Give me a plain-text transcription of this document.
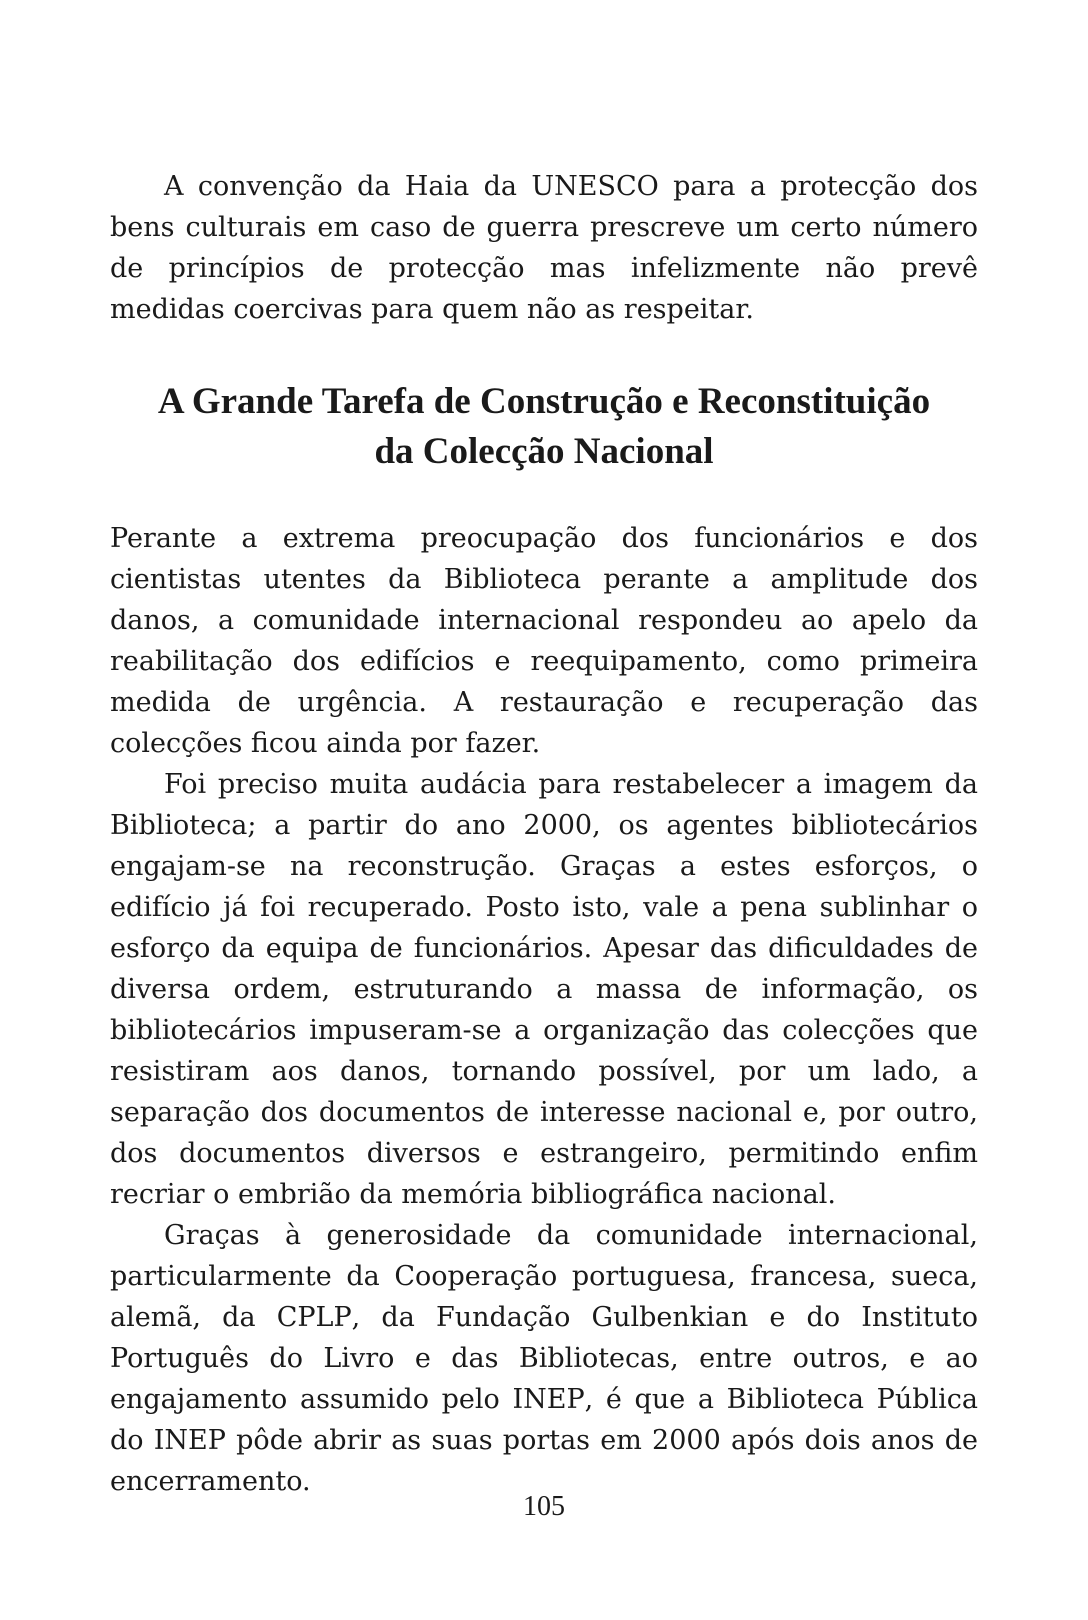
A convenção da Haia da UNESCO para a protecção dos bens culturais em caso de guerra prescreve um certo número de princípios de protecção mas infelizmente não prevê medidas coercivas para quem não as respeitar.

A Grande Tarefa de Construção e Reconstituição
da Colecção Nacional

Perante a extrema preocupação dos funcionários e dos cientistas utentes da Biblioteca perante a amplitude dos danos, a comunidade internacional respondeu ao apelo da reabilitação dos edifícios e reequipamento, como primeira medida de urgência. A restauração e recuperação das colecções ficou ainda por fazer.

Foi preciso muita audácia para restabelecer a imagem da Biblioteca; a partir do ano 2000, os agentes bibliotecários engajam-se na reconstrução. Graças a estes esforços, o edifício já foi recuperado. Posto isto, vale a pena sublinhar o esforço da equipa de funcionários. Apesar das dificuldades de diversa ordem, estruturando a massa de informação, os bibliotecários impuseram-se a organização das colecções que resistiram aos danos, tornando possível, por um lado, a separação dos documentos de interesse nacional e, por outro, dos documentos diversos e estrangeiro, permitindo enfim recriar o embrião da memória bibliográfica nacional.

Graças à generosidade da comunidade internacional, particularmente da Cooperação portuguesa, francesa, sueca, alemã, da CPLP, da Fundação Gulbenkian e do Instituto Português do Livro e das Bibliotecas, entre outros, e ao engajamento assumido pelo INEP, é que a Biblioteca Pública do INEP pôde abrir as suas portas em 2000 após dois anos de encerramento.

105
